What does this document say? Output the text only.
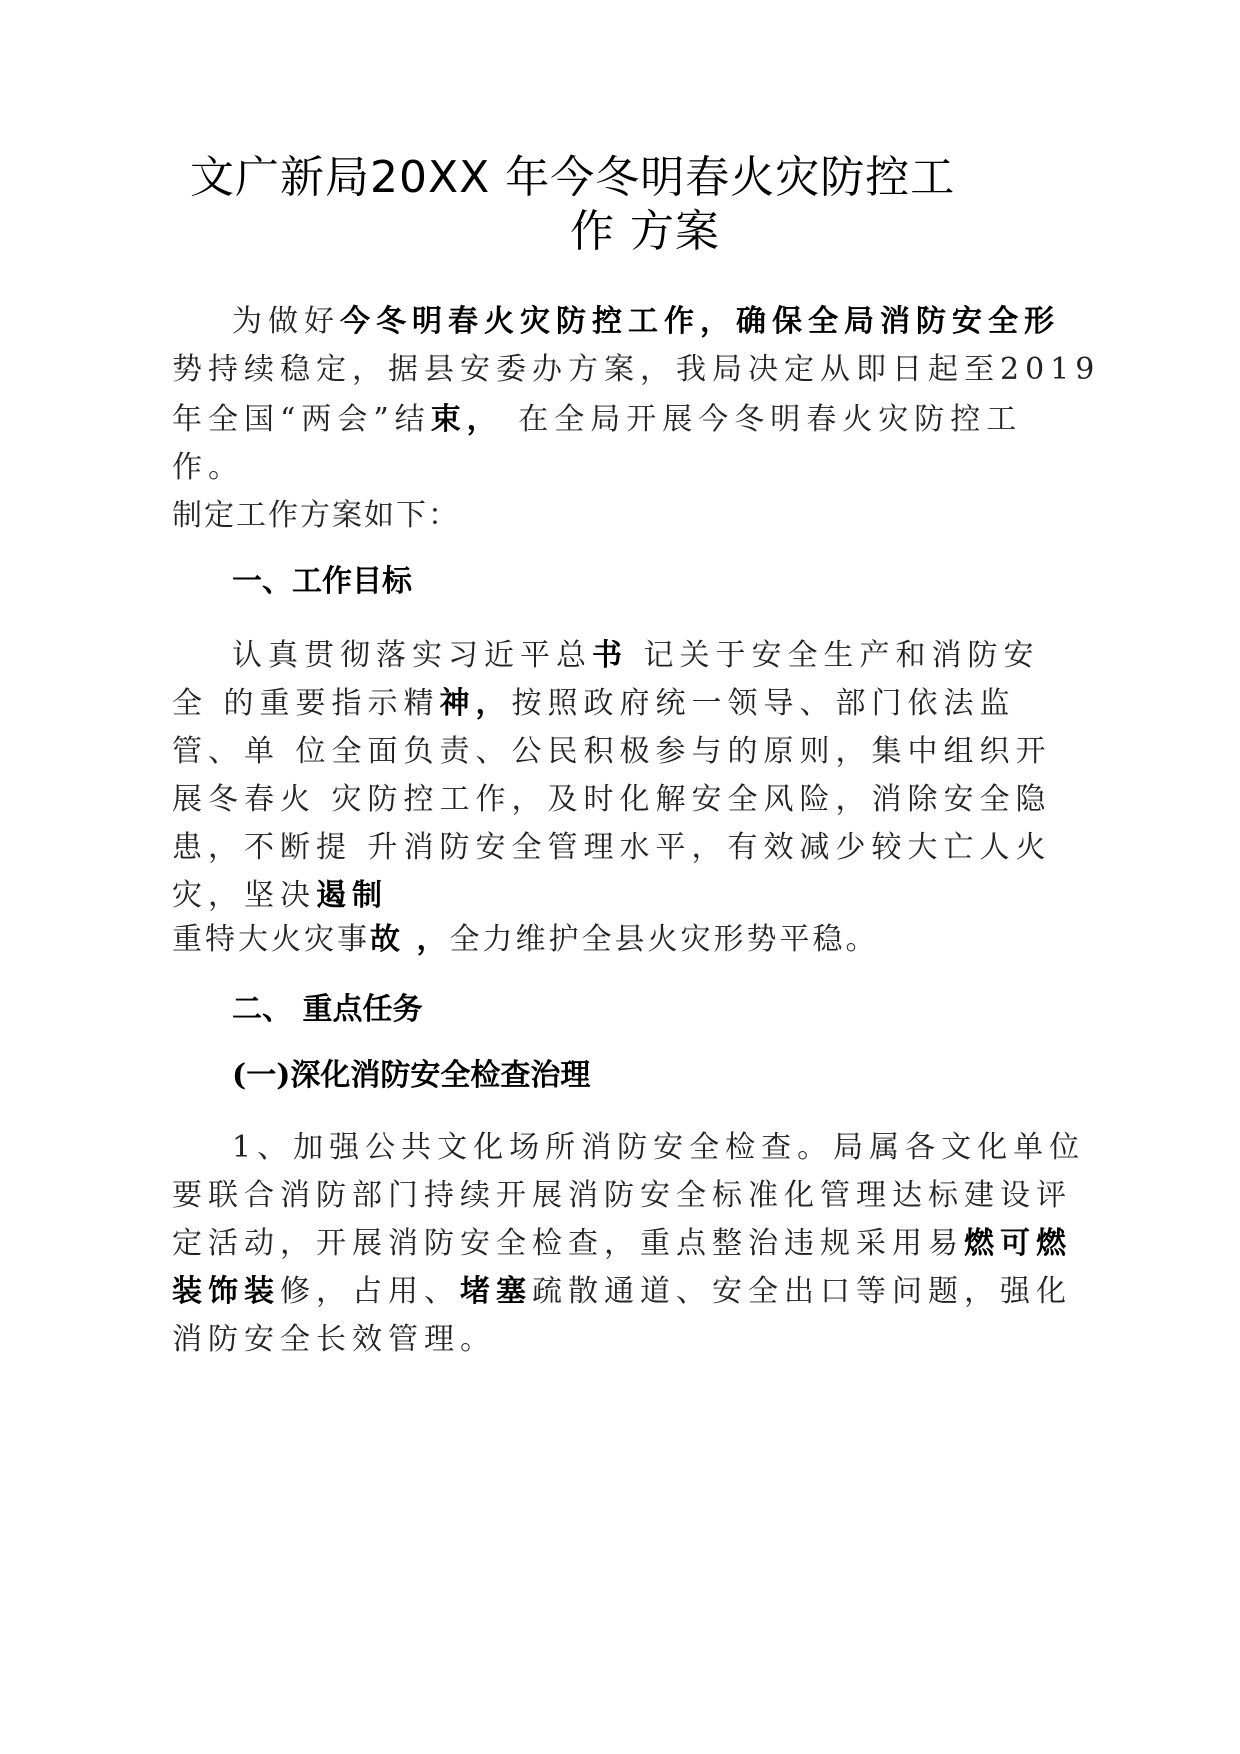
文广新局20XX 年今冬明春火灾防控工
作 方案
为做好今冬明春火灾防控工作，确保全局消防安全形
势持续稳定，据县安委办方案，我局决定从即日起至2019
年全国“两会”结束， 在全局开展今冬明春火灾防控工
作。
制定工作方案如下：
一、工作目标
认真贯彻落实习近平总书 记关于安全生产和消防安
全 的重要指示精神，按照政府统一领导、部门依法监
管、单 位全面负责、公民积极参与的原则，集中组织开
展冬春火 灾防控工作，及时化解安全风险，消除安全隐
患，不断提 升消防安全管理水平，有效减少较大亡人火
灾，坚决遏制
重特大火灾事故 ，全力维护全县火灾形势平稳。
二、 重点任务
(一)深化消防安全检查治理
1、加强公共文化场所消防安全检查。局属各文化单位
要联合消防部门持续开展消防安全标准化管理达标建设评
定活动，开展消防安全检查，重点整治违规采用易燃可燃
装饰装修，占用、堵塞疏散通道、安全出口等问题，强化
消防安全长效管理。
